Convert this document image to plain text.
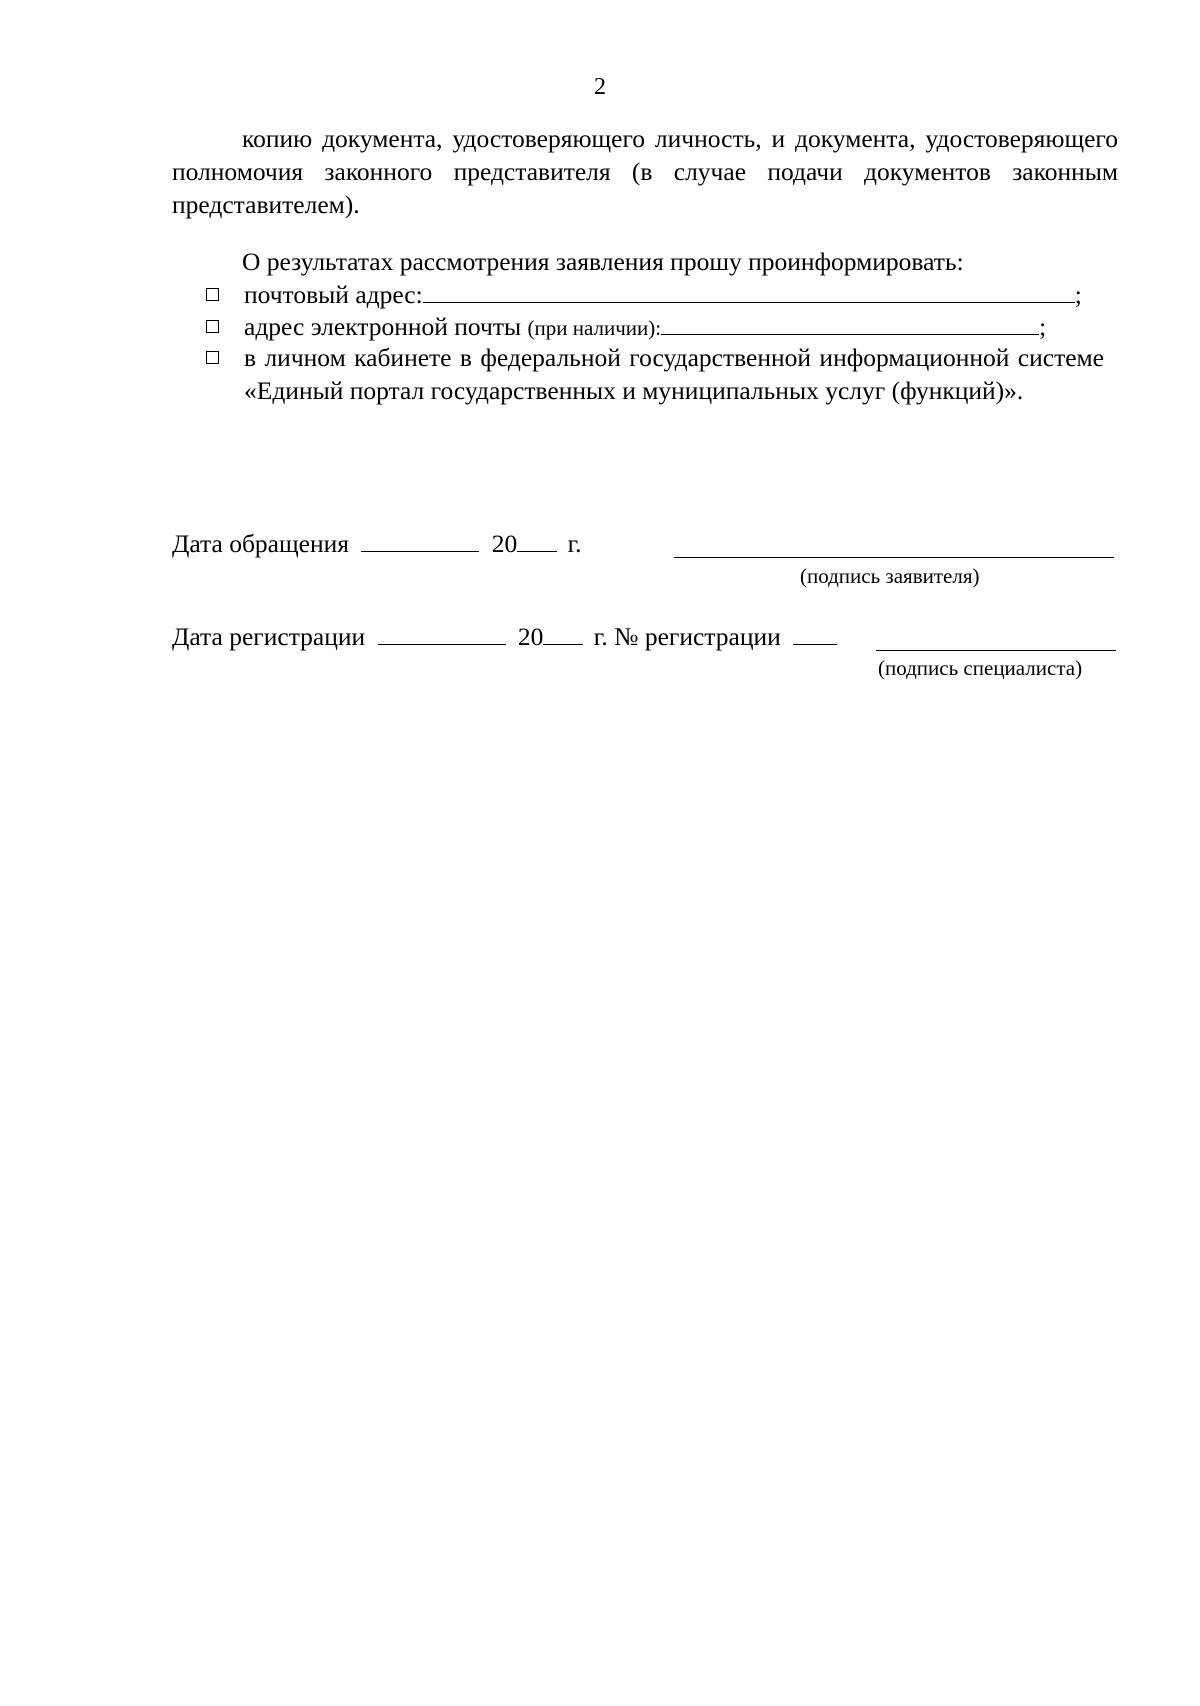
2
копию документа, удостоверяющего личность, и документа, удостоверяющего полномочия законного представителя (в случае подачи документов законным представителем).
О результатах рассмотрения заявления прошу проинформировать:
почтовый адрес:	;
адрес электронной почты (при наличии):	;
в личном кабинете в федеральной государственной информационной системе «Единый портал государственных и муниципальных услуг (функций)».
Дата обращения	20 г.
(подпись заявителя)
Дата регистрации	20 г. № регистрации
(подпись специалиста)
